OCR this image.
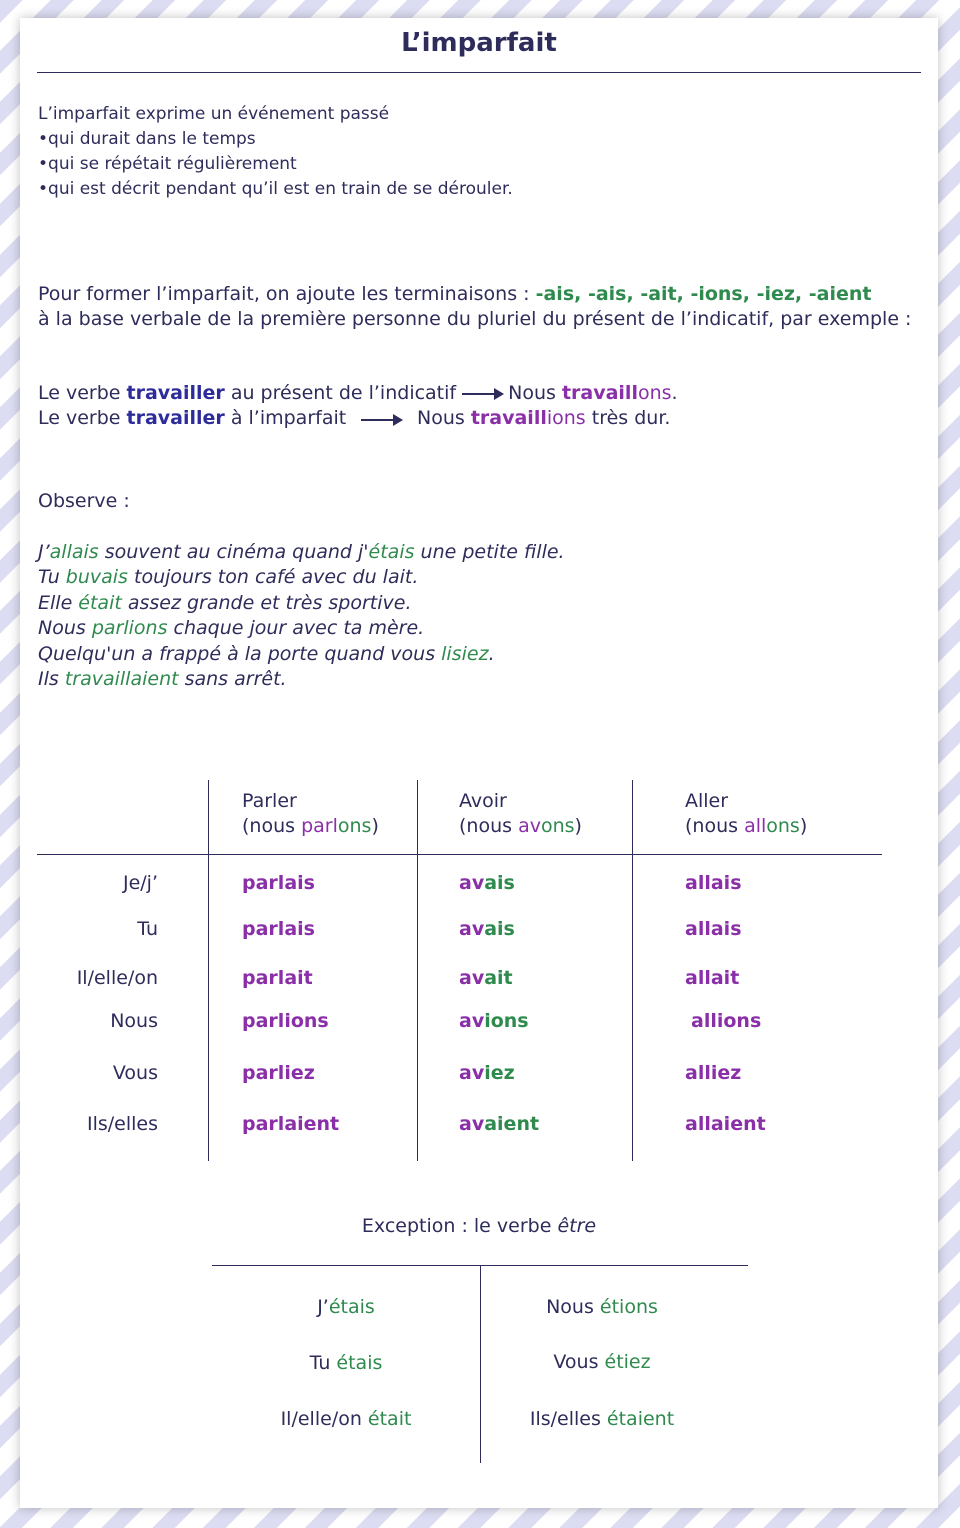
L’imparfait
L’imparfait exprime un événement passé
•qui durait dans le temps
•qui se répétait régulièrement
•qui est décrit pendant qu’il est en train de se dérouler.
Pour former l’imparfait, on ajoute les terminaisons : -ais, -ais, -ait, -ions, -iez, -aient
à la base verbale de la première personne du pluriel du présent de l’indicatif, par exemple :
Le verbe travailler au présent de l’indicatif	Nous travaillons.
Le verbe travailler à l’imparfait	Nous travaillions très dur.
Observe :
J’allais souvent au cinéma quand j'étais une petite fille.
Tu buvais toujours ton café avec du lait.
Elle était assez grande et très sportive.
Nous parlions chaque jour avec ta mère.
Quelqu'un a frappé à la porte quand vous lisiez.
Ils travaillaient sans arrêt.
Parler
(nous parlons)
Avoir
(nous avons)
Aller
(nous allons)
Je/j’
Tu
Il/elle/on
Nous
Vous
Ils/elles
parlais
parlais
parlait
parlions
parliez
parlaient
avais
avais
avait
avions
aviez
avaient
allais
allais
allait
allions
alliez
allaient
Exception : le verbe être
J’étais
Tu étais
Il/elle/on était
Nous étions
Vous étiez
Ils/elles étaient
